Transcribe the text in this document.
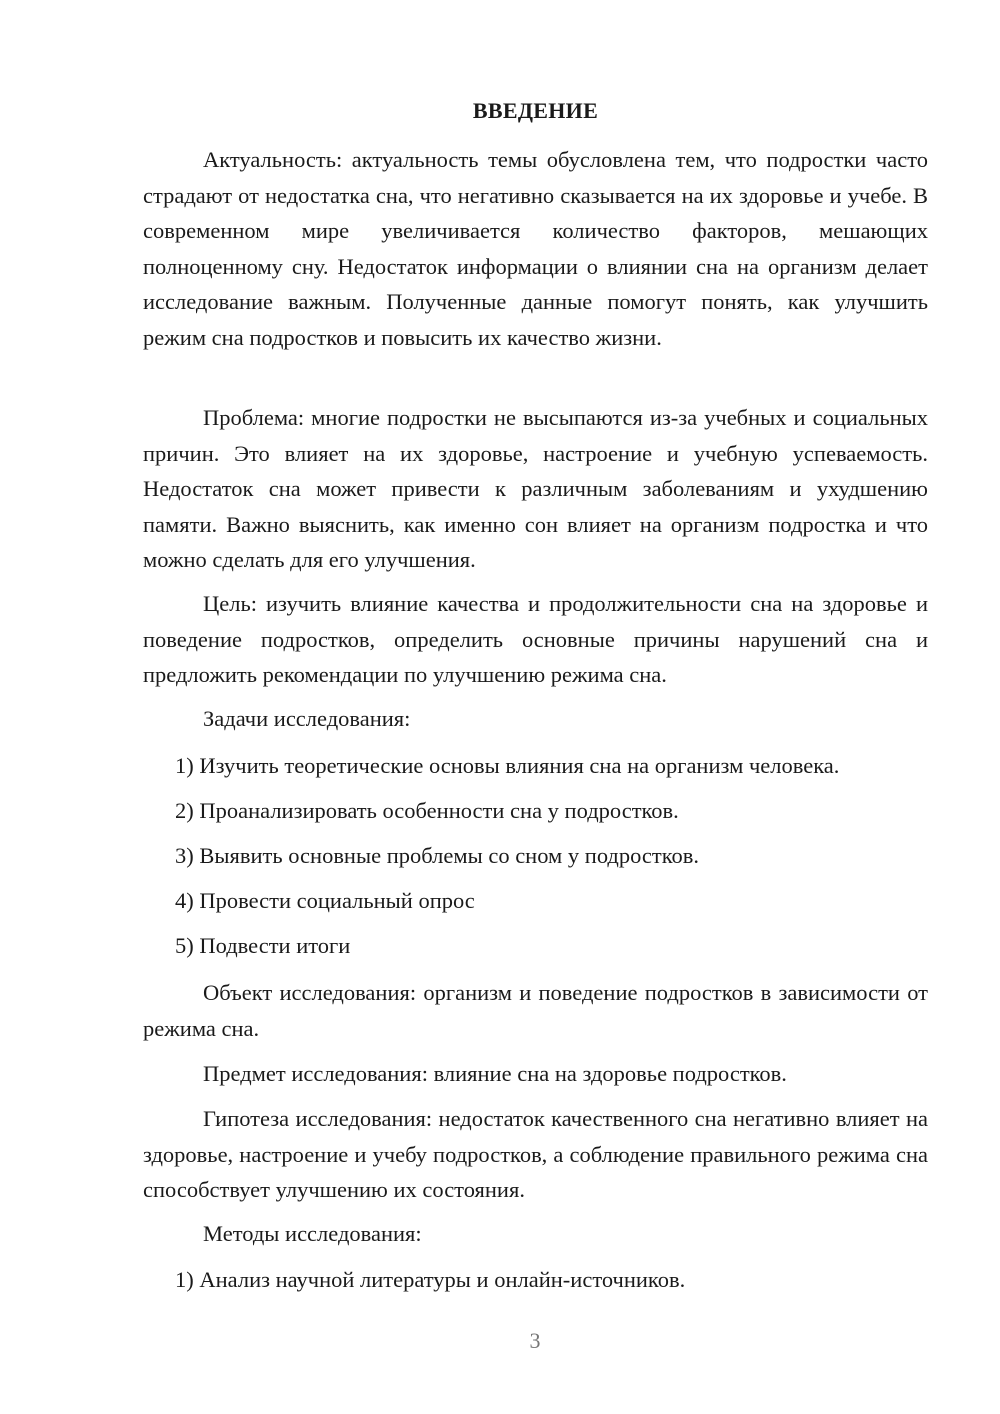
ВВЕДЕНИЕ

Актуальность: актуальность темы обусловлена тем, что подростки часто страдают от недостатка сна, что негативно сказывается на их здоровье и учебе. В современном мире увеличивается количество факторов, мешающих полноценному сну. Недостаток информации о влиянии сна на организм делает исследование важным. Полученные данные помогут понять, как улучшить режим сна подростков и повысить их качество жизни.

Проблема: многие подростки не высыпаются из-за учебных и социальных причин. Это влияет на их здоровье, настроение и учебную успеваемость. Недостаток сна может привести к различным заболеваниям и ухудшению памяти. Важно выяснить, как именно сон влияет на организм подростка и что можно сделать для его улучшения.

Цель: изучить влияние качества и продолжительности сна на здоровье и поведение подростков, определить основные причины нарушений сна и предложить рекомендации по улучшению режима сна.

Задачи исследования:

1) Изучить теоретические основы влияния сна на организм человека.

2) Проанализировать особенности сна у подростков.

3) Выявить основные проблемы со сном у подростков.

4) Провести социальный опрос

5) Подвести итоги

Объект исследования: организм и поведение подростков в зависимости от режима сна.

Предмет исследования: влияние сна на здоровье подростков.

Гипотеза исследования: недостаток качественного сна негативно влияет на здоровье, настроение и учебу подростков, а соблюдение правильного режима сна способствует улучшению их состояния.

Методы исследования:

1) Анализ научной литературы и онлайн-источников.

3
